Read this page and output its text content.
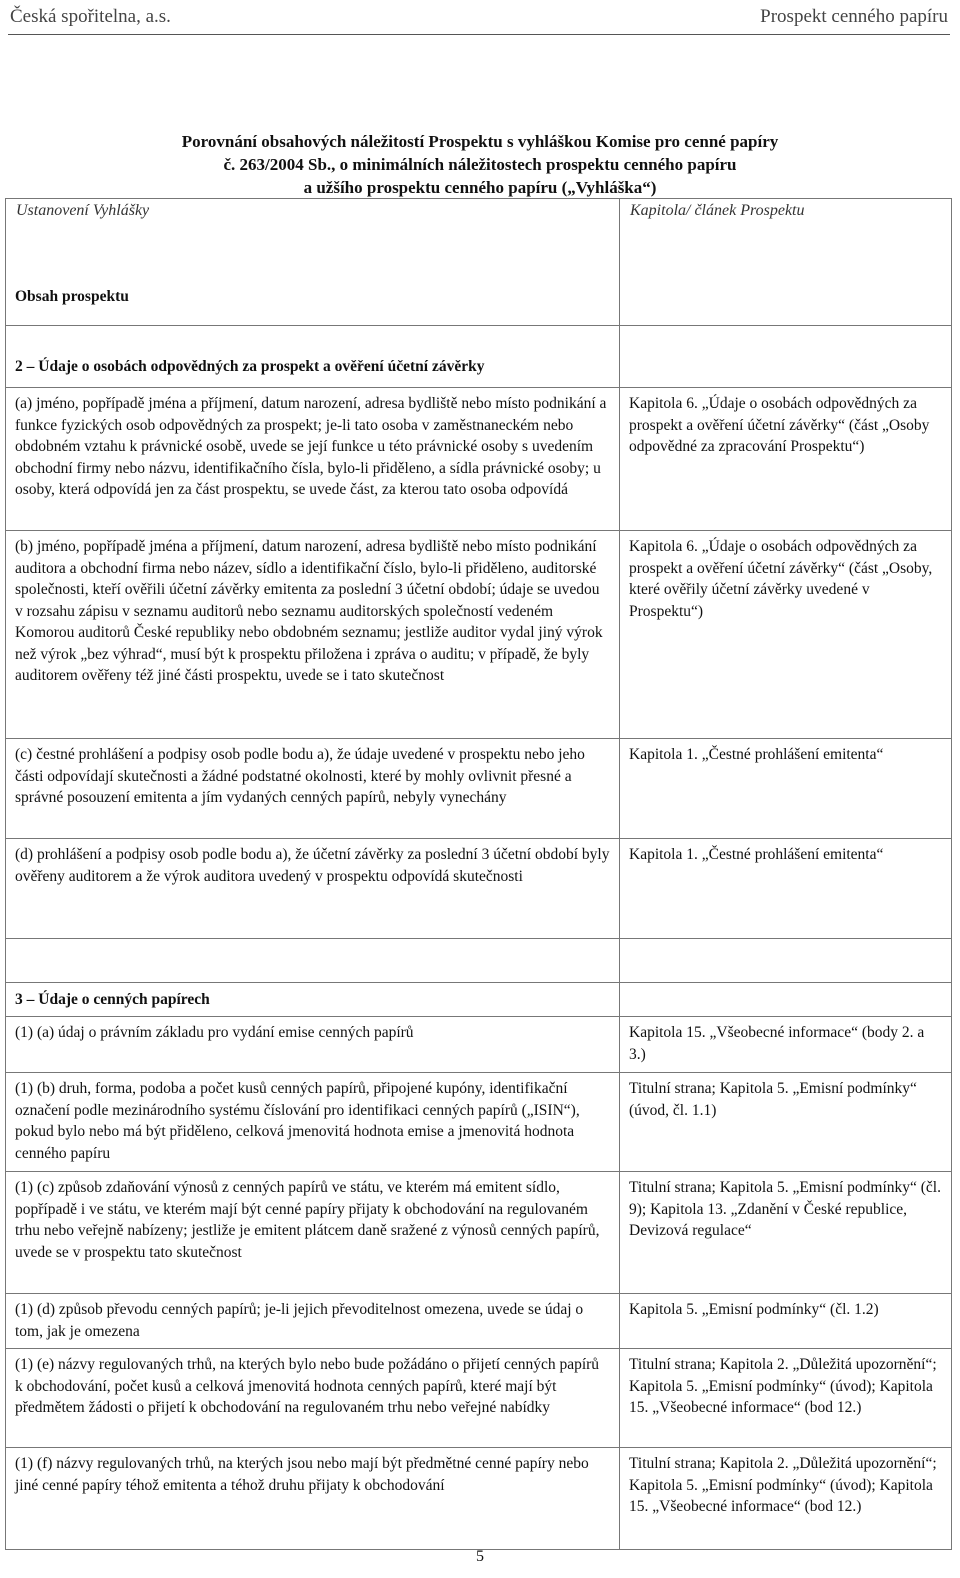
Česká spořitelna, a.s.	Prospekt cenného papíru
Porovnání obsahových náležitostí Prospektu s vyhláškou Komise pro cenné papíry
č. 263/2004 Sb., o minimálních náležitostech prospektu cenného papíru
a užšího prospektu cenného papíru („Vyhláška“)
Obsah prospektu	
2 – Údaje o osobách odpovědných za prospekt a ověření účetní závěrky	
(a) jméno, popřípadě jména a příjmení, datum narození, adresa bydliště nebo místo podnikání a funkce fyzických osob odpovědných za prospekt; je-li tato osoba v zaměstnaneckém nebo obdobném vztahu k právnické osobě, uvede se její funkce u této právnické osoby s uvedením obchodní firmy nebo názvu, identifikačního čísla, bylo-li přiděleno, a sídla právnické osoby; u osoby, která odpovídá jen za část prospektu, se uvede část, za kterou tato osoba odpovídá	Kapitola 6. „Údaje o osobách odpovědných za prospekt a ověření účetní závěrky“ (část „Osoby odpovědné za zpracování Prospektu“)
(b) jméno, popřípadě jména a příjmení, datum narození, adresa bydliště nebo místo podnikání auditora a obchodní firma nebo název, sídlo a identifikační číslo, bylo-li přiděleno, auditorské společnosti, kteří ověřili účetní závěrky emitenta za poslední 3 účetní období; údaje se uvedou v rozsahu zápisu v seznamu auditorů nebo seznamu auditorských společností vedeném Komorou auditorů České republiky nebo obdobném seznamu; jestliže auditor vydal jiný výrok než výrok „bez výhrad“, musí být k prospektu přiložena i zpráva o auditu; v případě, že byly auditorem ověřeny též jiné části prospektu, uvede se i tato skutečnost	Kapitola 6. „Údaje o osobách odpovědných za prospekt a ověření účetní závěrky“ (část „Osoby, které ověřily účetní závěrky uvedené v Prospektu“)
(c) čestné prohlášení a podpisy osob podle bodu a), že údaje uvedené v prospektu nebo jeho části odpovídají skutečnosti a žádné podstatné okolnosti, které by mohly ovlivnit přesné a správné posouzení emitenta a jím vydaných cenných papírů, nebyly vynechány	Kapitola 1. „Čestné prohlášení emitenta“
(d) prohlášení a podpisy osob podle bodu a), že účetní závěrky za poslední 3 účetní období byly ověřeny auditorem a že výrok auditora uvedený v prospektu odpovídá skutečnosti	Kapitola 1. „Čestné prohlášení emitenta“

3 – Údaje o cenných papírech	
(1) (a) údaj o právním základu pro vydání emise cenných papírů	Kapitola 15. „Všeobecné informace“ (body 2. a 3.)
(1) (b) druh, forma, podoba a počet kusů cenných papírů, připojené kupóny, identifikační označení podle mezinárodního systému číslování pro identifikaci cenných papírů („ISIN“), pokud bylo nebo má být přiděleno, celková jmenovitá hodnota emise a jmenovitá hodnota cenného papíru	Titulní strana; Kapitola 5. „Emisní podmínky“ (úvod, čl. 1.1)
(1) (c) způsob zdaňování výnosů z cenných papírů ve státu, ve kterém má emitent sídlo, popřípadě i ve státu, ve kterém mají být cenné papíry přijaty k obchodování na regulovaném trhu nebo veřejně nabízeny; jestliže je emitent plátcem daně sražené z výnosů cenných papírů, uvede se v prospektu tato skutečnost	Titulní strana; Kapitola 5. „Emisní podmínky“ (čl. 9); Kapitola 13. „Zdanění v České republice, Devizová regulace“
(1) (d) způsob převodu cenných papírů; je-li jejich převoditelnost omezena, uvede se údaj o tom, jak je omezena	Kapitola 5. „Emisní podmínky“ (čl. 1.2)
(1) (e) názvy regulovaných trhů, na kterých bylo nebo bude požádáno o přijetí cenných papírů k obchodování, počet kusů a celková jmenovitá hodnota cenných papírů, které mají být předmětem žádosti o přijetí k obchodování na regulovaném trhu nebo veřejné nabídky	Titulní strana; Kapitola 2. „Důležitá upozornění“; Kapitola 5. „Emisní podmínky“ (úvod); Kapitola 15. „Všeobecné informace“ (bod 12.)
(1) (f) názvy regulovaných trhů, na kterých jsou nebo mají být předmětné cenné papíry nebo jiné cenné papíry téhož emitenta a téhož druhu přijaty k obchodování	Titulní strana; Kapitola 2. „Důležitá upozornění“; Kapitola 5. „Emisní podmínky“ (úvod); Kapitola 15. „Všeobecné informace“ (bod 12.)
Ustanovení Vyhlášky	Kapitola/ článek Prospektu
5
